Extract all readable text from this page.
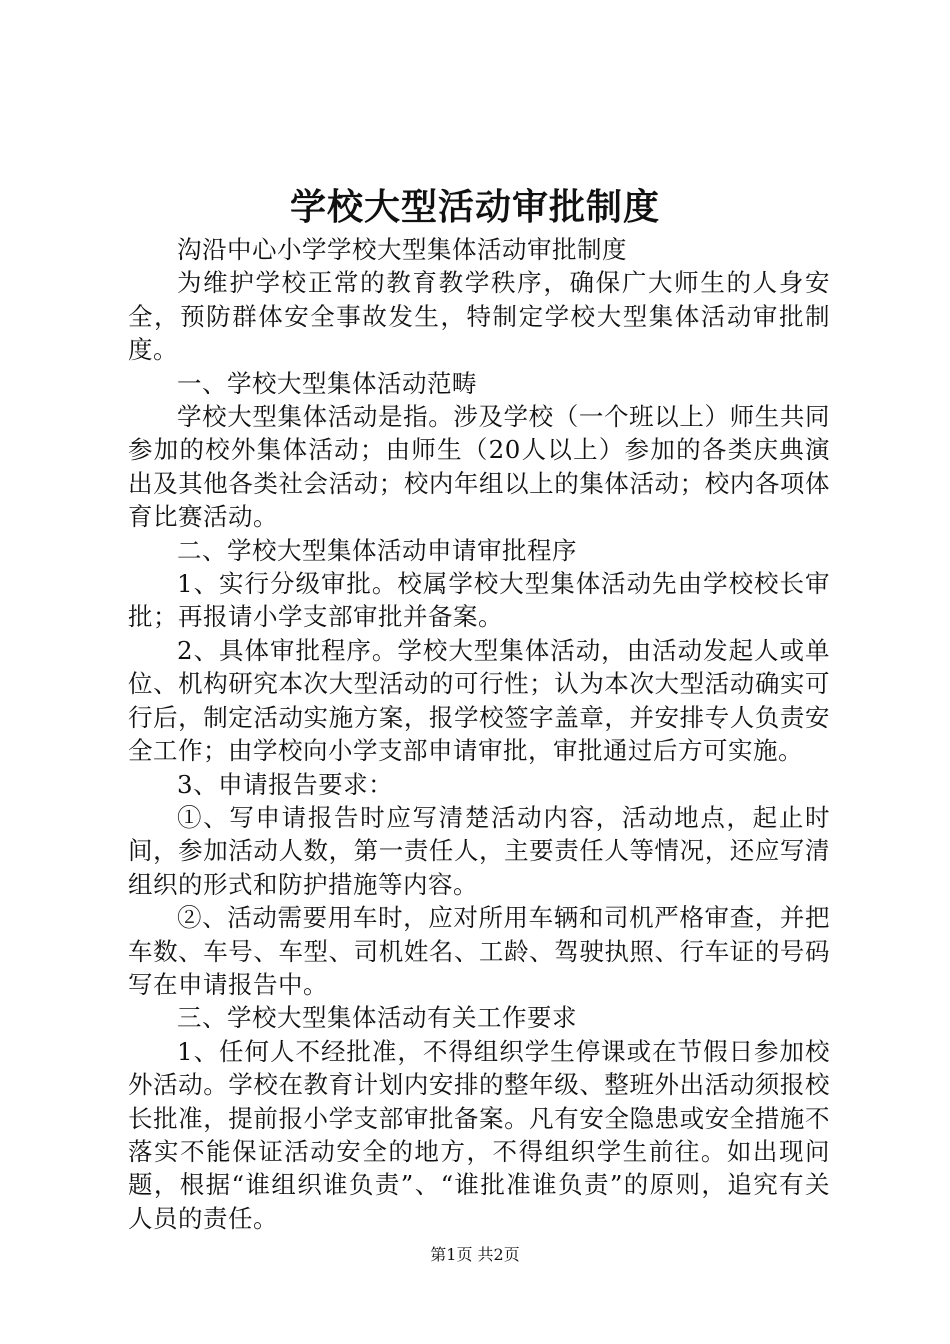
学校大型活动审批制度

沟沿中心小学学校大型集体活动审批制度

为维护学校正常的教育教学秩序，确保广大师生的人身安全，预防群体安全事故发生，特制定学校大型集体活动审批制度。

一、学校大型集体活动范畴

学校大型集体活动是指。涉及学校（一个班以上）师生共同参加的校外集体活动；由师生（20人以上）参加的各类庆典演出及其他各类社会活动；校内年组以上的集体活动；校内各项体育比赛活动。

二、学校大型集体活动申请审批程序

1、实行分级审批。校属学校大型集体活动先由学校校长审批；再报请小学支部审批并备案。

2、具体审批程序。学校大型集体活动，由活动发起人或单位、机构研究本次大型活动的可行性；认为本次大型活动确实可行后，制定活动实施方案，报学校签字盖章，并安排专人负责安全工作；由学校向小学支部申请审批，审批通过后方可实施。

3、申请报告要求：

①、写申请报告时应写清楚活动内容，活动地点，起止时间，参加活动人数，第一责任人，主要责任人等情况，还应写清组织的形式和防护措施等内容。

②、活动需要用车时，应对所用车辆和司机严格审查，并把车数、车号、车型、司机姓名、工龄、驾驶执照、行车证的号码写在申请报告中。

三、学校大型集体活动有关工作要求

1、任何人不经批准，不得组织学生停课或在节假日参加校外活动。学校在教育计划内安排的整年级、整班外出活动须报校长批准，提前报小学支部审批备案。凡有安全隐患或安全措施不落实不能保证活动安全的地方，不得组织学生前往。如出现问题，根据“谁组织谁负责”、“谁批准谁负责”的原则，追究有关人员的责任。

第1页 共2页
